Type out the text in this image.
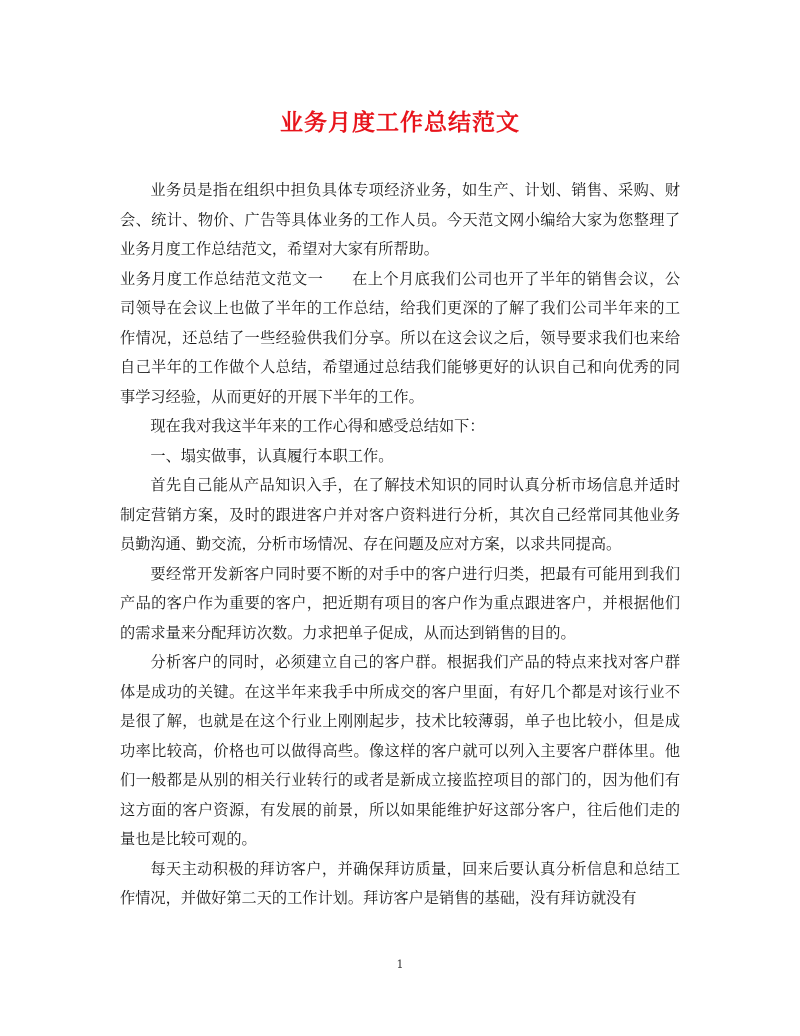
业务月度工作总结范文

业务员是指在组织中担负具体专项经济业务，如生产、计划、销售、采购、财会、统计、物价、广告等具体业务的工作人员。今天范文网小编给大家为您整理了业务月度工作总结范文，希望对大家有所帮助。

业务月度工作总结范文范文一 在上个月底我们公司也开了半年的销售会议，公司领导在会议上也做了半年的工作总结，给我们更深的了解了我们公司半年来的工作情况，还总结了一些经验供我们分享。所以在这会议之后，领导要求我们也来给自己半年的工作做个人总结，希望通过总结我们能够更好的认识自己和向优秀的同事学习经验，从而更好的开展下半年的工作。

现在我对我这半年来的工作心得和感受总结如下：

一、塌实做事，认真履行本职工作。

首先自己能从产品知识入手，在了解技术知识的同时认真分析市场信息并适时制定营销方案，及时的跟进客户并对客户资料进行分析，其次自己经常同其他业务员勤沟通、勤交流，分析市场情况、存在问题及应对方案，以求共同提高。

要经常开发新客户同时要不断的对手中的客户进行归类，把最有可能用到我们产品的客户作为重要的客户，把近期有项目的客户作为重点跟进客户，并根据他们的需求量来分配拜访次数。力求把单子促成，从而达到销售的目的。

分析客户的同时，必须建立自己的客户群。根据我们产品的特点来找对客户群体是成功的关键。在这半年来我手中所成交的客户里面，有好几个都是对该行业不是很了解，也就是在这个行业上刚刚起步，技术比较薄弱，单子也比较小，但是成功率比较高，价格也可以做得高些。像这样的客户就可以列入主要客户群体里。他们一般都是从别的相关行业转行的或者是新成立接监控项目的部门的，因为他们有这方面的客户资源，有发展的前景，所以如果能维护好这部分客户，往后他们走的量也是比较可观的。

每天主动积极的拜访客户，并确保拜访质量，回来后要认真分析信息和总结工作情况，并做好第二天的工作计划。拜访客户是销售的基础，没有拜访就没有

1
